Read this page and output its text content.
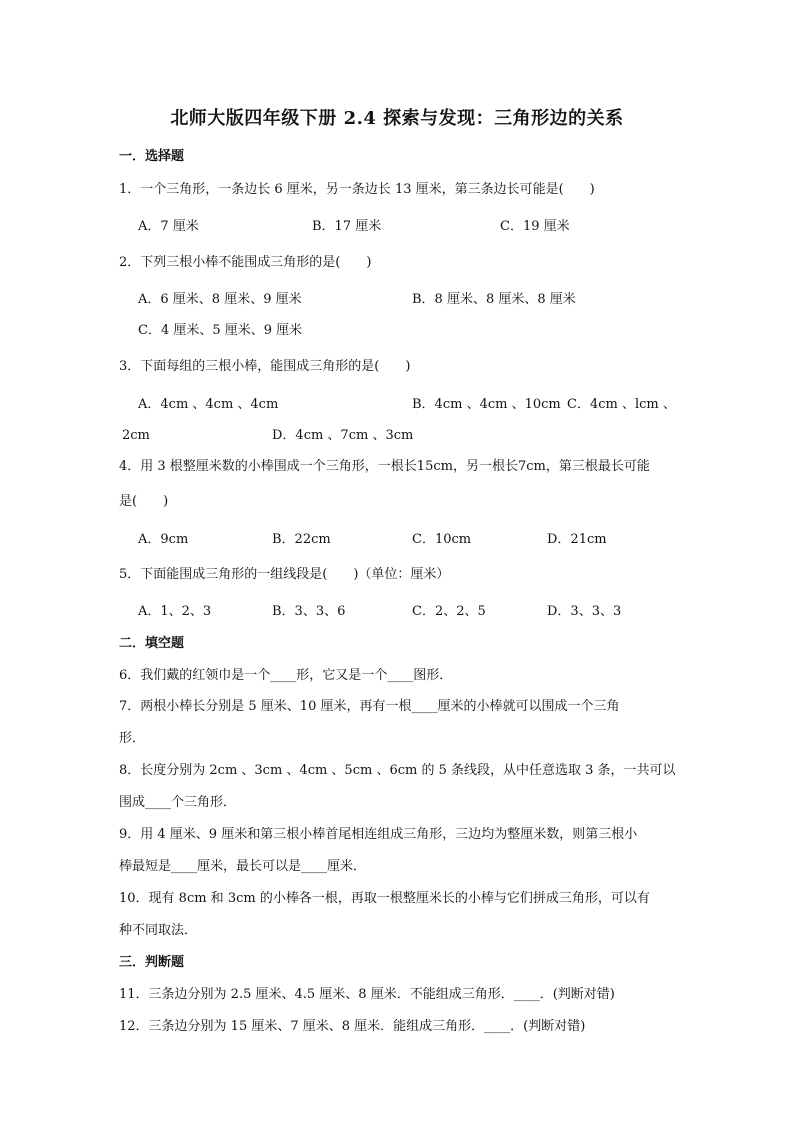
北师大版四年级下册 2.4 探索与发现：三角形边的关系
一．选择题
1．一个三角形，一条边长 6 厘米，另一条边长 13 厘米，第三条边长可能是(　　)
A．7 厘米	B．17 厘米	C．19 厘米
2．下列三根小棒不能围成三角形的是(　　)
A．6 厘米、8 厘米、9 厘米	B．8 厘米、8 厘米、8 厘米
C．4 厘米、5 厘米、9 厘米
3．下面每组的三根小棒，能围成三角形的是(　　)
A．4cm 、4cm 、4cm	B．4cm 、4cm 、10cm C．4cm 、lcm 、
2cm	D．4cm 、7cm 、3cm
4．用 3 根整厘米数的小棒围成一个三角形，一根长15cm，另一根长7cm，第三根最长可能
是(　　)
A．9cm	B．22cm	C．10cm	D．21cm
5．下面能围成三角形的一组线段是(　　)（单位：厘米）
A．1、2、3	B．3、3、6	C．2、2、5	D．3、3、3
二．填空题
6．我们戴的红领巾是一个____形，它又是一个____图形．
7．两根小棒长分别是 5 厘米、10 厘米，再有一根____厘米的小棒就可以围成一个三角
形．
8．长度分别为 2cm 、3cm 、4cm 、5cm 、6cm 的 5 条线段，从中任意选取 3 条，一共可以
围成____个三角形．
9．用 4 厘米、9 厘米和第三根小棒首尾相连组成三角形，三边均为整厘米数，则第三根小
棒最短是____厘米，最长可以是____厘米．
10．现有 8cm 和 3cm 的小棒各一根，再取一根整厘米长的小棒与它们拼成三角形，可以有
种不同取法．
三．判断题
11．三条边分别为 2.5 厘米、4.5 厘米、8 厘米．不能组成三角形．____．(判断对错)
12．三条边分别为 15 厘米、7 厘米、8 厘米．能组成三角形．____．(判断对错)
